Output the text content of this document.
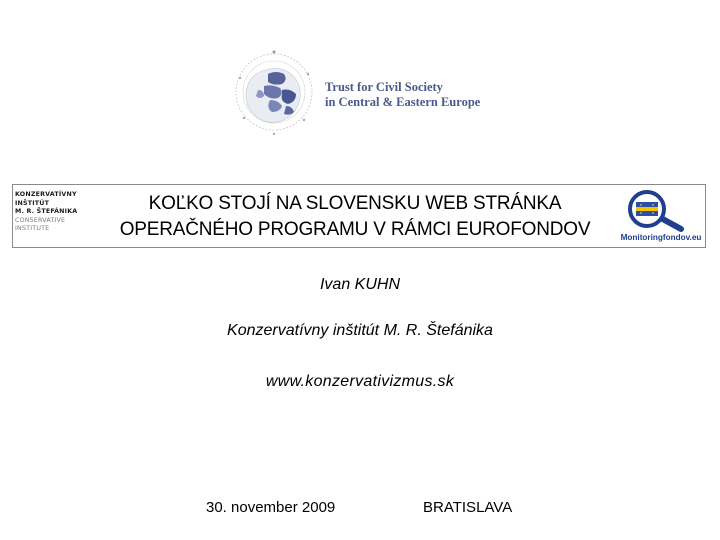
Trust for Civil Society
in Central & Eastern Europe
KONZERVATÍVNY
INŠTITÚT
M. R. ŠTEFÁNIKA
CONSERVATIVE
INSTITUTE
KOĽKO STOJÍ NA SLOVENSKU WEB STRÁNKA
OPERAČNÉHO PROGRAMU V RÁMCI EUROFONDOV	Monitoringfondov.eu
Ivan KUHN
Konzervatívny inštitút M. R. Štefánika
www.konzervativizmus.sk
30. november 2009	BRATISLAVA
